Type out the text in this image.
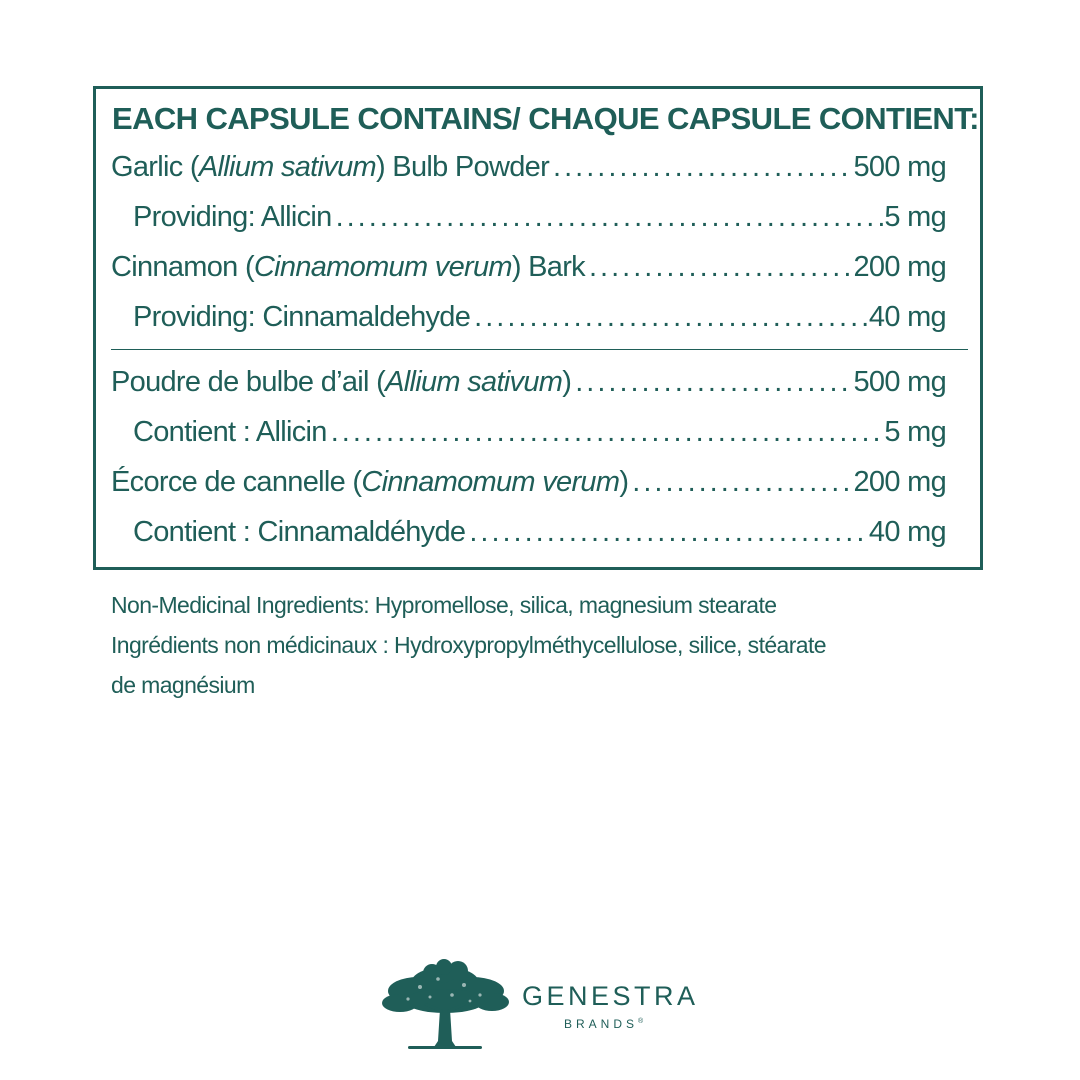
EACH CAPSULE CONTAINS/ CHAQUE CAPSULE CONTIENT:
Garlic (Allium sativum) Bulb Powder .....	500 mg
Providing: Allicin .....	5 mg
Cinnamon (Cinnamomum verum) Bark .....	200 mg
Providing: Cinnamaldehyde .....	40 mg
Poudre de bulbe d’ail (Allium sativum) .....	500 mg
Contient : Allicin .....	5 mg
Écorce de cannelle (Cinnamomum verum) .....	200 mg
Contient : Cinnamaldéhyde .....	40 mg
Non-Medicinal Ingredients: Hypromellose, silica, magnesium stearate
Ingrédients non médicinaux : Hydroxypropylméthycellulose, silice, stéarate
de magnésium
GENESTRA
BRANDS®
